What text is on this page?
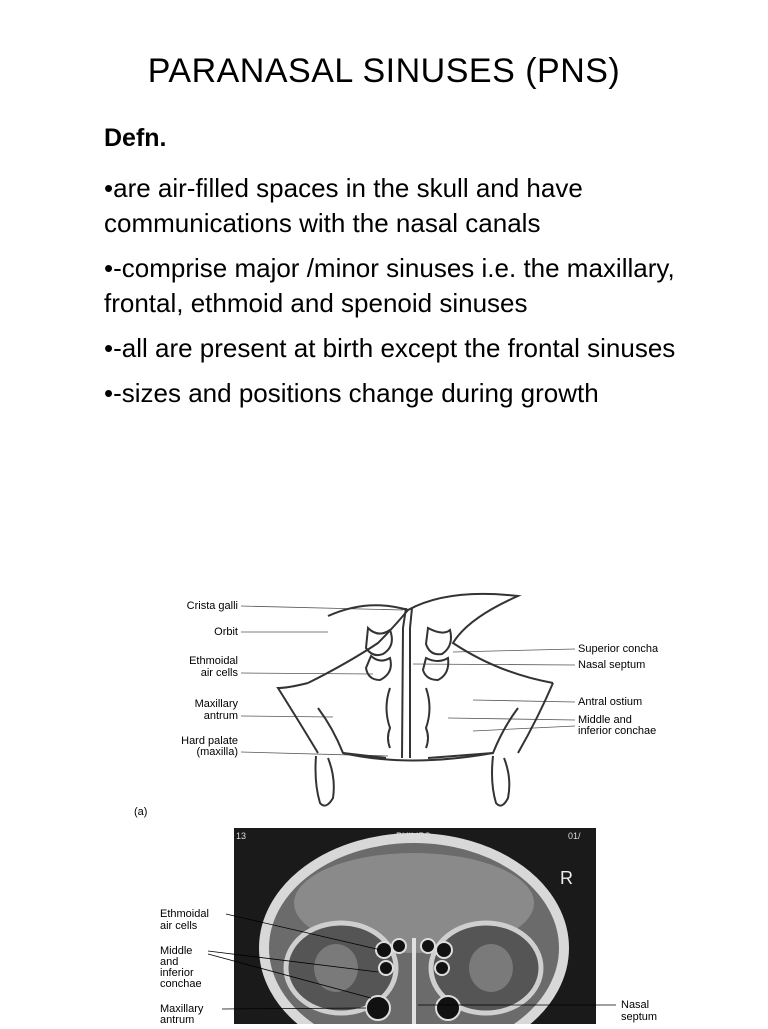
PARANASAL SINUSES (PNS)

Defn.

•are air-filled spaces in the skull and have communications with the nasal canals

•-comprise major /minor sinuses i.e. the maxillary, frontal, ethmoid and spenoid sinuses

•-all are present at birth except the frontal sinuses

•-sizes and positions change during growth

Crista galli
Orbit
Ethmoidal
air cells
Maxillary
antrum
Hard palate
(maxilla)
Superior concha
Nasal septum
Antral ostium
Middle and
inferior conchae
(a)
13	PHILIPS	01/
R
Ethmoidal
air cells
Middle
and
inferior
conchae
Maxillary
antrum
Nasal
septum
